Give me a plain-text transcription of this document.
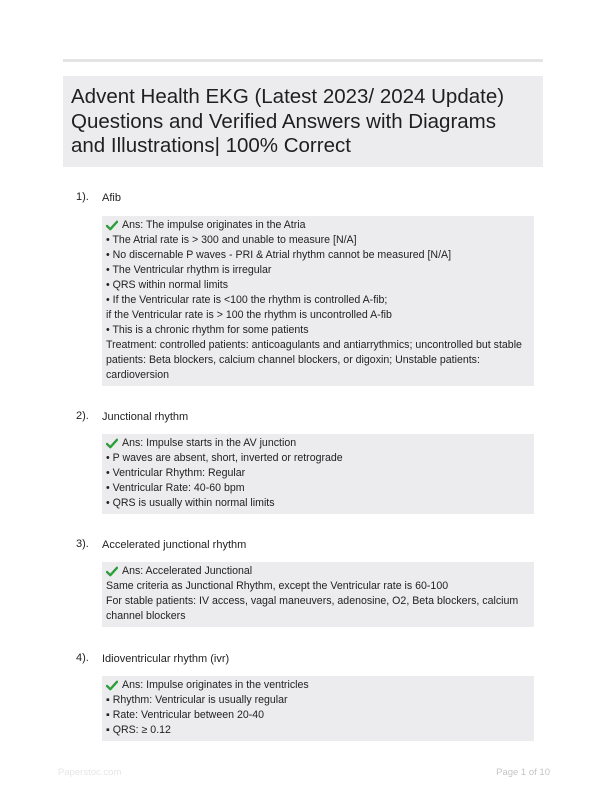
Advent Health EKG (Latest 2023/ 2024 Update)
Questions and Verified Answers with Diagrams
and Illustrations| 100% Correct
1). Afib
Ans: The impulse originates in the Atria
• The Atrial rate is > 300 and unable to measure [N/A]
• No discernable P waves - PRI & Atrial rhythm cannot be measured [N/A]
• The Ventricular rhythm is irregular
• QRS within normal limits
• If the Ventricular rate is <100 the rhythm is controlled A-fib;
if the Ventricular rate is > 100 the rhythm is uncontrolled A-fib
• This is a chronic rhythm for some patients
Treatment: controlled patients: anticoagulants and antiarrythmics; uncontrolled but stable
patients: Beta blockers, calcium channel blockers, or digoxin; Unstable patients:
cardioversion
2). Junctional rhythm
Ans: Impulse starts in the AV junction
• P waves are absent, short, inverted or retrograde
• Ventricular Rhythm: Regular
• Ventricular Rate: 40-60 bpm
• QRS is usually within normal limits
3). Accelerated junctional rhythm
Ans: Accelerated Junctional
Same criteria as Junctional Rhythm, except the Ventricular rate is 60-100
For stable patients: IV access, vagal maneuvers, adenosine, O2, Beta blockers, calcium
channel blockers
4). Idioventricular rhythm (ivr)
Ans: Impulse originates in the ventricles
▪ Rhythm: Ventricular is usually regular
▪ Rate: Ventricular between 20-40
▪ QRS: ≥ 0.12
Paperstoc.com	Page 1 of 10
